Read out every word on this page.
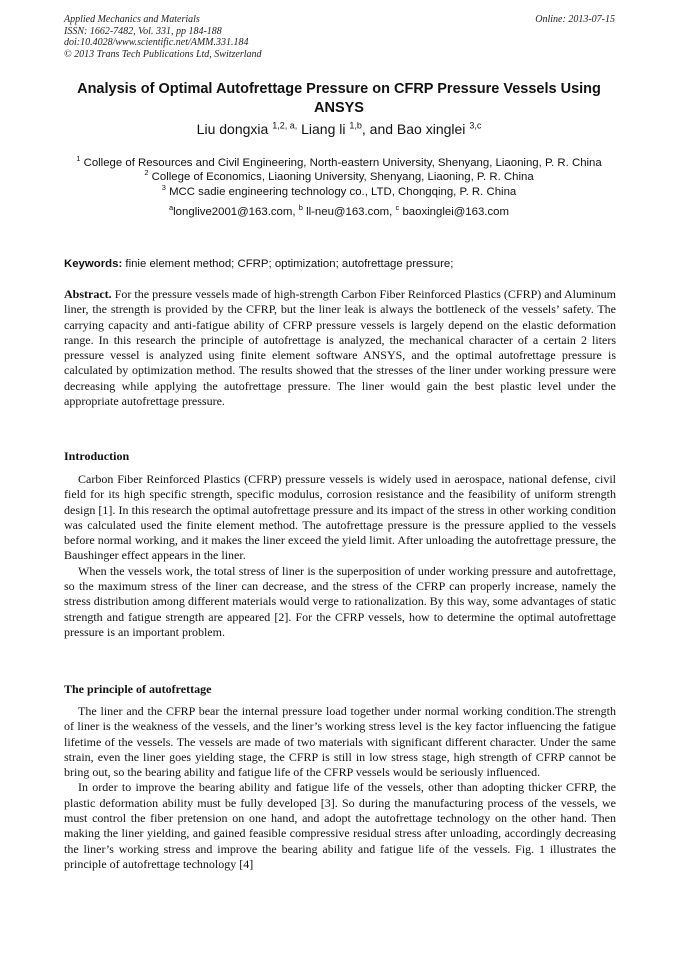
Applied Mechanics and Materials
ISSN: 1662-7482, Vol. 331, pp 184-188
doi:10.4028/www.scientific.net/AMM.331.184
© 2013 Trans Tech Publications Ltd, Switzerland
Online: 2013-07-15
Analysis of Optimal Autofrettage Pressure on CFRP Pressure Vessels Using ANSYS
Liu dongxia $^{1,2, a,}$ Liang li $^{1,b}$, and Bao xinglei $^{3,c}$
$^1$ College of Resources and Civil Engineering, North-eastern University, Shenyang, Liaoning, P. R. China
$^2$ College of Economics, Liaoning University, Shenyang, Liaoning, P. R. China
$^3$ MCC sadie engineering technology co., LTD, Chongqing, P. R. China
$^a$longlive2001@163.com, $^b$ ll-neu@163.com, $^c$ baoxinglei@163.com
Keywords: finie element method; CFRP; optimization; autofrettage pressure;
Abstract. For the pressure vessels made of high-strength Carbon Fiber Reinforced Plastics (CFRP) and Aluminum liner, the strength is provided by the CFRP, but the liner leak is always the bottleneck of the vessels’ safety. The carrying capacity and anti-fatigue ability of CFRP pressure vessels is largely depend on the elastic deformation range. In this research the principle of autofrettage is analyzed, the mechanical character of a certain 2 liters pressure vessel is analyzed using finite element software ANSYS, and the optimal autofrettage pressure is calculated by optimization method. The results showed that the stresses of the liner under working pressure were decreasing while applying the autofrettage pressure. The liner would gain the best plastic level under the appropriate autofrettage pressure.
Introduction

Carbon Fiber Reinforced Plastics (CFRP) pressure vessels is widely used in aerospace, national defense, civil field for its high specific strength, specific modulus, corrosion resistance and the feasibility of uniform strength design [1]. In this research the optimal autofrettage pressure and its impact of the stress in other working condition was calculated used the finite element method. The autofrettage pressure is the pressure applied to the vessels before normal working, and it makes the liner exceed the yield limit. After unloading the autofrettage pressure, the Baushinger effect appears in the liner.

When the vessels work, the total stress of liner is the superposition of under working pressure and autofrettage, so the maximum stress of the liner can decrease, and the stress of the CFRP can properly increase, namely the stress distribution among different materials would verge to rationalization. By this way, some advantages of static strength and fatigue strength are appeared [2]. For the CFRP vessels, how to determine the optimal autofrettage pressure is an important problem.

The principle of autofrettage

The liner and the CFRP bear the internal pressure load together under normal working condition.The strength of liner is the weakness of the vessels, and the liner’s working stress level is the key factor influencing the fatigue lifetime of the vessels. The vessels are made of two materials with significant different character. Under the same strain, even the liner goes yielding stage, the CFRP is still in low stress stage, high strength of CFRP cannot be bring out, so the bearing ability and fatigue life of the CFRP vessels would be seriously influenced.

In order to improve the bearing ability and fatigue life of the vessels, other than adopting thicker CFRP, the plastic deformation ability must be fully developed [3]. So during the manufacturing process of the vessels, we must control the fiber pretension on one hand, and adopt the autofrettage technology on the other hand. Then making the liner yielding, and gained feasible compressive residual stress after unloading, accordingly decreasing the liner’s working stress and improve the bearing ability and fatigue life of the vessels. Fig. 1 illustrates the principle of autofrettage technology [4]
